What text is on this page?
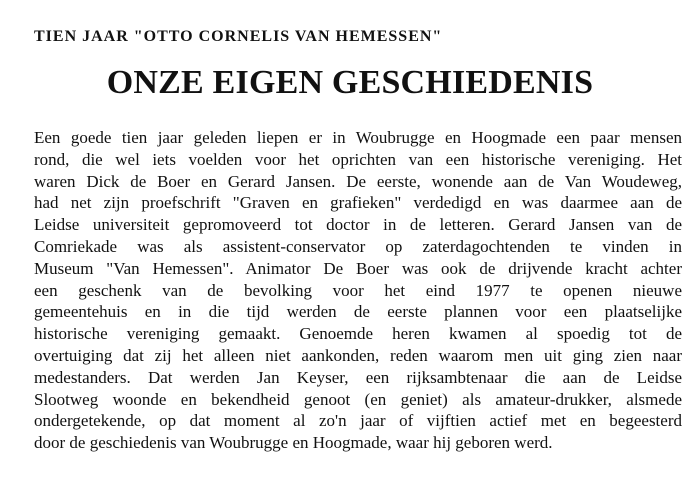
TIEN JAAR "OTTO CORNELIS VAN HEMESSEN"
ONZE EIGEN GESCHIEDENIS
Een goede tien jaar geleden liepen er in Woubrugge en Hoogmade een paar mensen
rond, die wel iets voelden voor het oprichten van een historische vereniging. Het
waren Dick de Boer en Gerard Jansen. De eerste, wonende aan de Van Woudeweg,
had net zijn proefschrift "Graven en grafieken" verdedigd en was daarmee aan de
Leidse universiteit gepromoveerd tot doctor in de letteren. Gerard Jansen van de
Comriekade was als assistent-conservator op zaterdagochtenden te vinden in
Museum "Van Hemessen". Animator De Boer was ook de drijvende kracht achter
een geschenk van de bevolking voor het eind 1977 te openen nieuwe
gemeentehuis en in die tijd werden de eerste plannen voor een plaatselijke
historische vereniging gemaakt. Genoemde heren kwamen al spoedig tot de
overtuiging dat zij het alleen niet aankonden, reden waarom men uit ging zien naar
medestanders. Dat werden Jan Keyser, een rijksambtenaar die aan de Leidse
Slootweg woonde en bekendheid genoot (en geniet) als amateur-drukker, alsmede
ondergetekende, op dat moment al zo'n jaar of vijftien actief met en begeesterd
door de geschiedenis van Woubrugge en Hoogmade, waar hij geboren werd.
